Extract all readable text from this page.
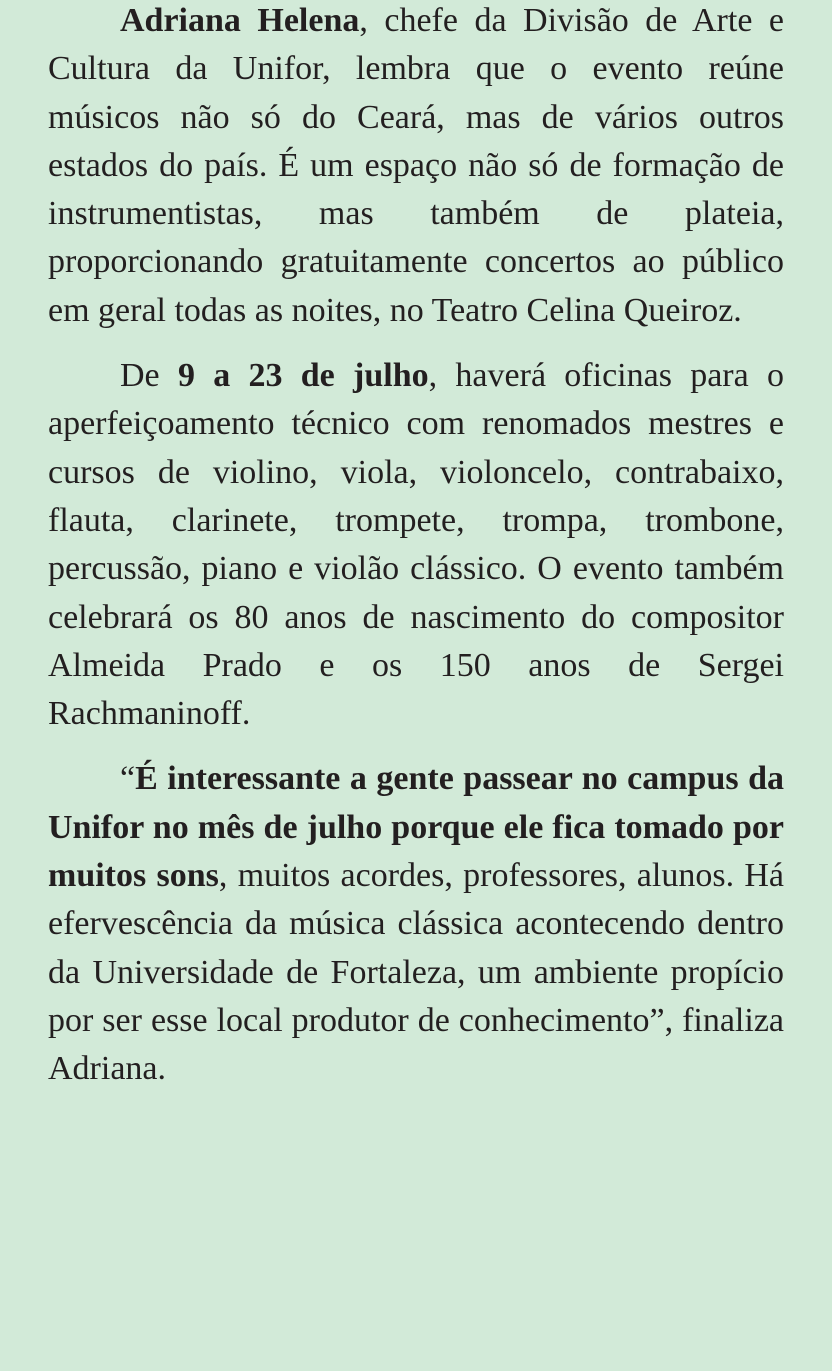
Adriana Helena, chefe da Divisão de Arte e Cultura da Unifor, lembra que o evento reúne músicos não só do Ceará, mas de vários outros estados do país. É um espaço não só de formação de instrumentistas, mas também de plateia, proporcionando gratuitamente concertos ao público em geral todas as noites, no Teatro Celina Queiroz.

De 9 a 23 de julho, haverá oficinas para o aperfeiçoamento técnico com renomados mestres e cursos de violino, viola, violoncelo, contrabaixo, flauta, clarinete, trompete, trompa, trombone, percussão, piano e violão clássico. O evento também celebrará os 80 anos de nascimento do compositor Almeida Prado e os 150 anos de Sergei Rachmaninoff.

“É interessante a gente passear no campus da Unifor no mês de julho porque ele fica tomado por muitos sons, muitos acordes, professores, alunos. Há efervescência da música clássica acontecendo dentro da Universidade de Fortaleza, um ambiente propício por ser esse local produtor de conhecimento”, finaliza Adriana.
